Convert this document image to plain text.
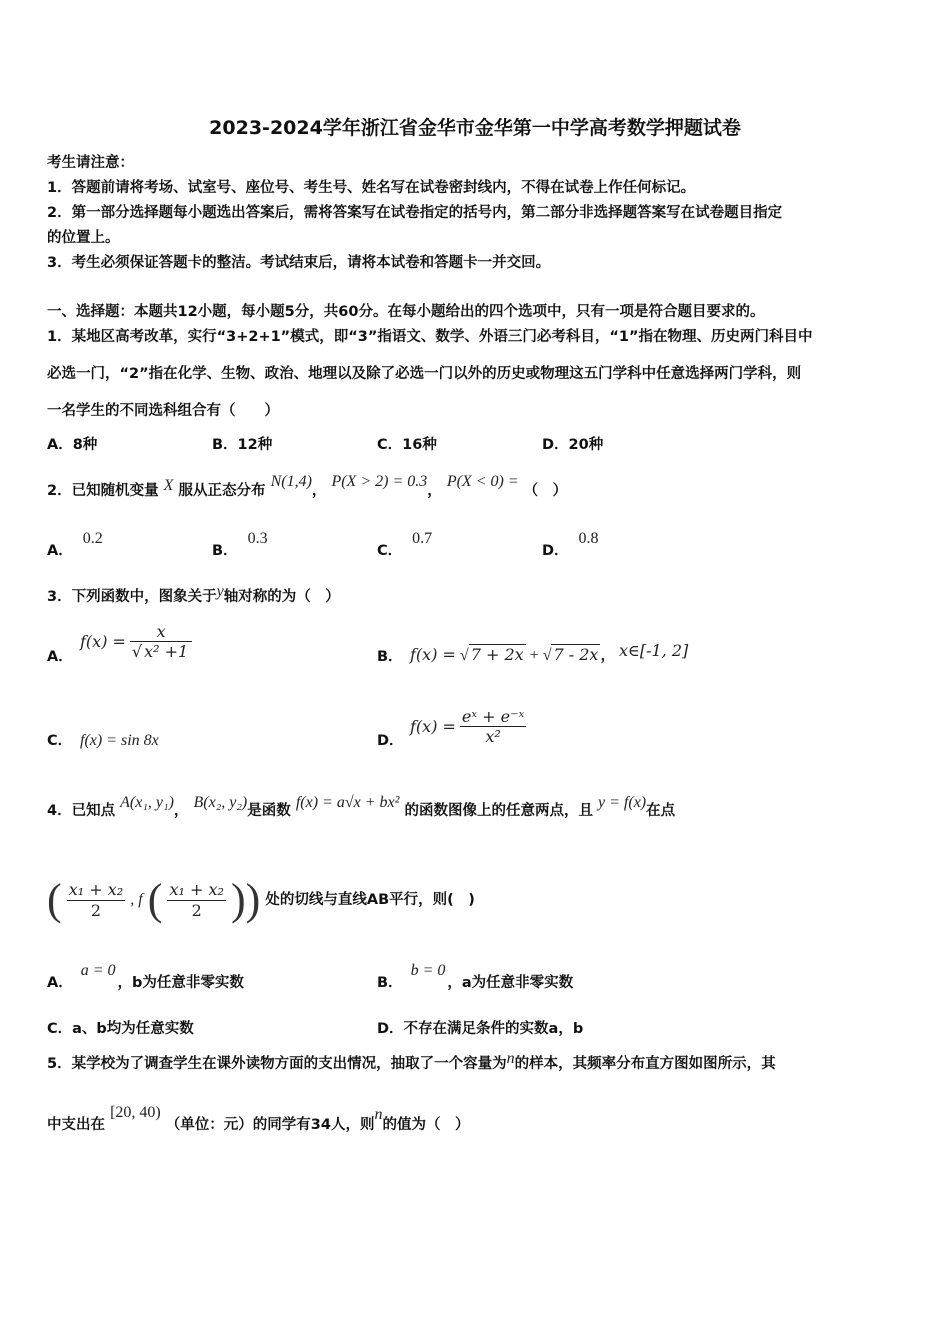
2023-2024学年浙江省金华市金华第一中学高考数学押题试卷
考生请注意：
1．答题前请将考场、试室号、座位号、考生号、姓名写在试卷密封线内，不得在试卷上作任何标记。
2．第一部分选择题每小题选出答案后，需将答案写在试卷指定的括号内，第二部分非选择题答案写在试卷题目指定
的位置上。
3．考生必须保证答题卡的整洁。考试结束后，请将本试卷和答题卡一并交回。
一、选择题：本题共12小题，每小题5分，共60分。在每小题给出的四个选项中，只有一项是符合题目要求的。
1．某地区高考改革，实行“3+2+1”模式，即“3”指语文、数学、外语三门必考科目，“1”指在物理、历史两门科目中
必选一门，“2”指在化学、生物、政治、地理以及除了必选一门以外的历史或物理这五门学科中任意选择两门学科，则
一名学生的不同选科组合有（　　）
A．8种	B．12种	C．16种	D．20种
2．已知随机变量 X 服从正态分布 N(1,4)， P(X > 2) = 0.3， P(X < 0) = （　）
A．0.2
B．0.3
C．0.7
D．0.8
3．下列函数中，图象关于y轴对称的为（　）
A．
$f(x) = \frac{x}{\text{√ x² +1}}$	B． f(x) = √ 7 + 2x + √ 7 - 2x ， x∈[-1, 2]
C． f(x) = sin 8x	D．
$f(x) = \frac{\text{eˣ + e⁻ˣ}}{\text{x²}}$
4．已知点 A(x₁, y₁)， B(x₂, y₂)是函数 f(x) = a√x + bx² 的函数图像上的任意两点，且 y = f(x)在点
( $\frac{\text{x₁ + x₂}}{2}$ , f ( $\frac{\text{x₁ + x₂}}{2}$ )) 处的切线与直线AB平行，则(　)
A．a = 0，b为任意非零实数	B．b = 0，a为任意非零实数
C．a、b均为任意实数	D．不存在满足条件的实数a，b
5．某学校为了调查学生在课外读物方面的支出情况，抽取了一个容量为n的样本，其频率分布直方图如图所示，其
中支出在 [20, 40) （单位：元）的同学有34人，则n的值为（　）
